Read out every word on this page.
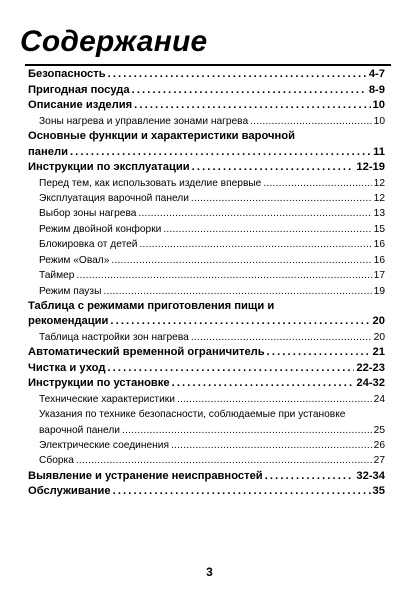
Содержание
Безопасность . . .	4-7
Пригодная посуда . . .	8-9
Описание изделия . . .	10
Зоны нагрева и управление зонами нагрева . . .	10
Основные функции и характеристики варочной
панели . . .	11
Инструкции по эксплуатации . . .	12-19
Перед тем, как использовать изделие впервые . . .	12
Эксплуатация варочной панели . . .	12
Выбор зоны нагрева . . .	13
Режим двойной конфорки . . .	15
Блокировка от детей . . .	16
Режим «Овал» . . .	16
Таймер . . .	17
Режим паузы . . .	19
Таблица с режимами приготовления пищи и
рекомендации . . .	20
Таблица настройки зон нагрева . . .	20
Автоматический временной ограничитель . . .	21
Чистка и уход . . .	22-23
Инструкции по установке . . .	24-32
Технические характеристики . . .	24
Указания по технике безопасности, соблюдаемые при установке
варочной панели . . .	25
Электрические соединения . . .	26
Сборка . . .	27
Выявление и устранение неисправностей . . .	32-34
Обслуживание . . .	35
3
